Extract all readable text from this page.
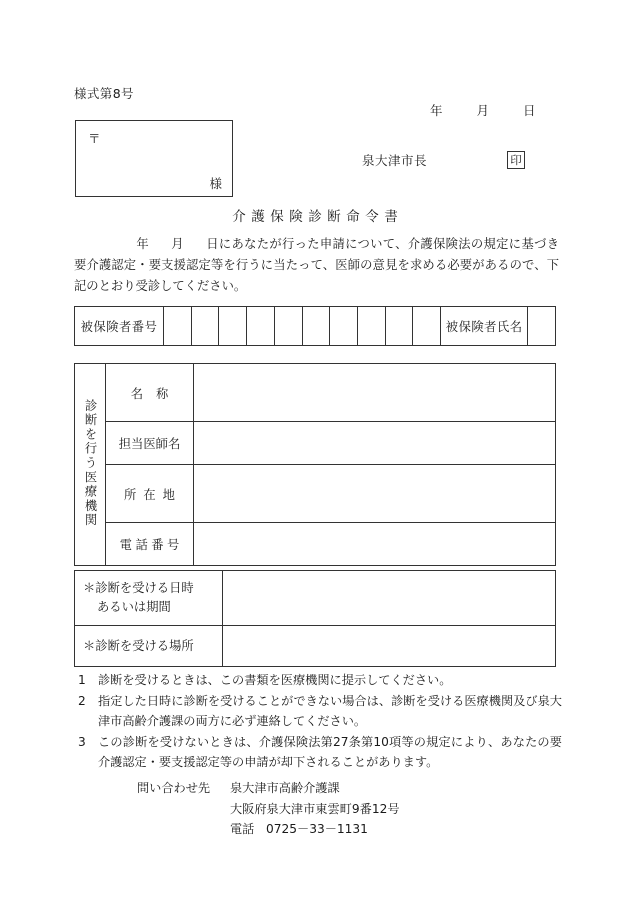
様式第8号
年	月	日
〒
様
泉大津市長	印
介護保険診断命令書
年 月 日にあなたが行った申請について、介護保険法の規定に基づき要介護認定・要支援認定等を行うに当たって、医師の意見を求める必要があるので、下記のとおり受診してください。
被保険者番号											被保険者氏名	
診断を行う医療機関	名称	
	担当医師名	
	所在地	
	電話番号	
＊診断を受ける日時
あるいは期間	

＊診断を受ける場所	

1 診断を受けるときは、この書類を医療機関に提示してください。

2 指定した日時に診断を受けることができない場合は、診断を受ける医療機関及び泉大津市高齢介護課の両方に必ず連絡してください。

3 この診断を受けないときは、介護保険法第27条第10項等の規定により、あなたの要介護認定・要支援認定等の申請が却下されることがあります。

問い合わせ先	泉大津市高齢介護課
大阪府泉大津市東雲町9番12号
電話 0725－33－1131
